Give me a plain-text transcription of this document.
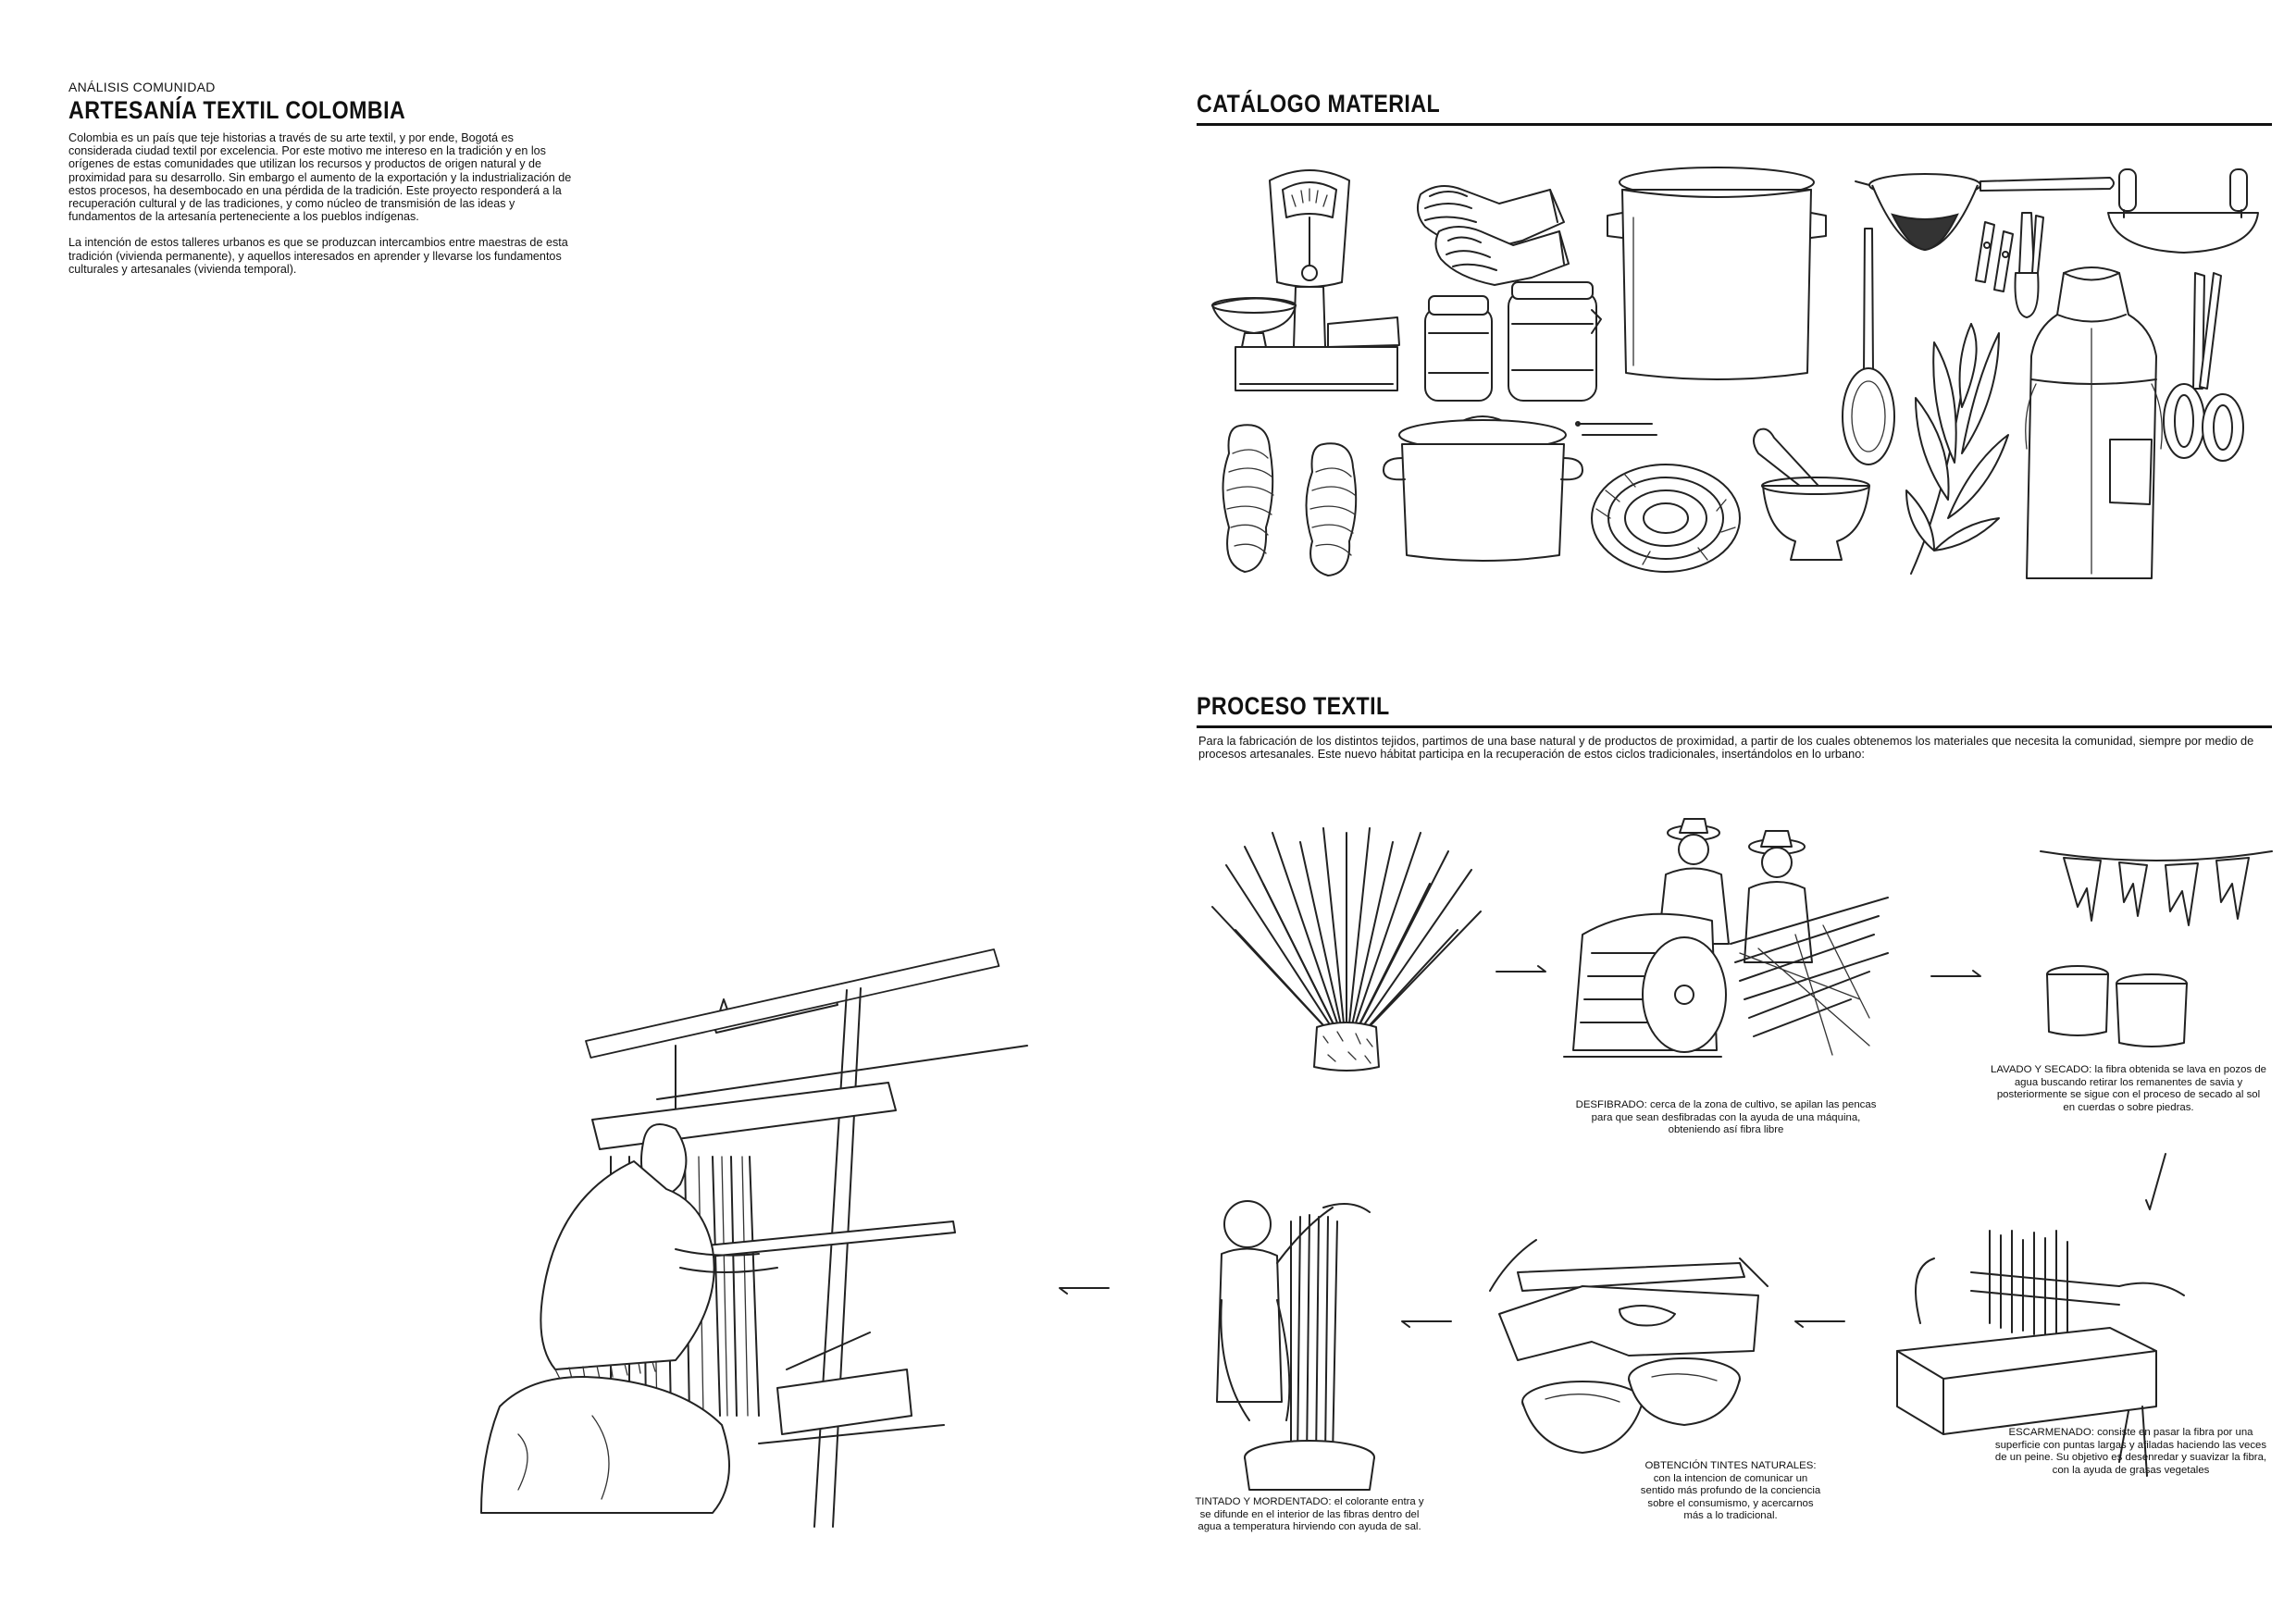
ANÁLISIS COMUNIDAD
ARTESANÍA TEXTIL COLOMBIA

Colombia es un país que teje historias a través de su arte textil, y por ende, Bogotá es considerada ciudad textil por excelencia. Por este motivo me intereso en la tradición y en los orígenes de estas comunidades que utilizan los recursos y productos de origen natural y de proximidad para su desarrollo. Sin embargo el aumento de la exportación y la industrialización de estos procesos, ha desembocado en una pérdida de la tradición. Este proyecto responderá a la recuperación cultural y de las tradiciones, y como núcleo de transmisión de las ideas y fundamentos de la artesanía perteneciente a los pueblos indígenas.

La intención de estos talleres urbanos es que se produzcan intercambios entre maestras de esta tradición (vivienda permanente), y aquellos interesados en aprender y llevarse los fundamentos culturales y artesanales (vivienda temporal).

CATÁLOGO MATERIAL
PROCESO TEXTIL
Para la fabricación de los distintos tejidos, partimos de una base natural y de productos de proximidad, a partir de los cuales obtenemos los materiales que necesita la comunidad, siempre por medio de procesos artesanales. Este nuevo hábitat participa en la recuperación de estos ciclos tradicionales, insertándolos en lo urbano:
DESFIBRADO: cerca de la zona de cultivo, se apilan las pencas para que sean desfibradas con la ayuda de una máquina, obteniendo así fibra libre
LAVADO Y SECADO: la fibra obtenida se lava en pozos de agua buscando retirar los remanentes de savia y posteriormente se sigue con el proceso de secado al sol en cuerdas o sobre piedras.
ESCARMENADO: consiste en pasar la fibra por una superficie con puntas largas y afiladas haciendo las veces de un peine. Su objetivo es desenredar y suavizar la fibra, con la ayuda de grasas vegetales
OBTENCIÓN TINTES NATURALES: con la intencion de comunicar un sentido más profundo de la conciencia sobre el consumismo, y acercarnos más a lo tradicional.
TINTADO Y MORDENTADO: el colorante entra y se difunde en el interior de las fibras dentro del agua a temperatura hirviendo con ayuda de sal.
